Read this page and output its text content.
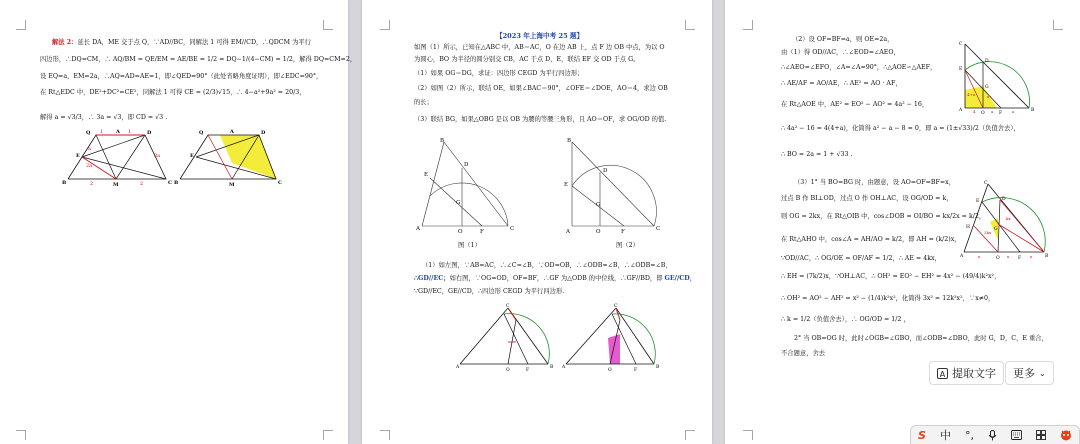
解法 2：延长 DA，ME 交于点 Q，∵AD//BC，同解法 1 可得 EM//CD，∴QDCM 为平行
四边形，∴DQ=CM，∴ AQ/BM = QE/EM = AE/BE = 1/2 = DQ−1/(4−CM) = 1/2，解得 DQ=CM=2，
设 EQ=a，EM=2a，∴AQ=AD=AE=1，即∠QED=90°（此处省略角度证明），即∠EDC=90°，
在 Rt△EDC 中，DE²+DC²=CE²，同解法 1 可得 CE = (2/3)√15，∴ 4−a²+9a² = 20/3，
解得 a = √3/3，∴ 3a = √3，即 CD = √3 .
Q 1	A 1	D
E
2a
a
3a
B	2	M	2	C
Q	A	D
E
B	M	C
【2023 年上海中考 25 题】
如图（1）所示，已知在△ABC 中，AB＝AC，O 在边 AB 上，点 F 边 OB 中点，为以 O
为圆心，BO 为半径的圆分别交 CB，AC 于点 D，E，联结 EF 交 OD 于点 G。
（1）如果 OG＝DG，求证：四边形 CEGD 为平行四边形；
（2）如图（2）所示，联结 OE，如果∠BAC＝90°，∠OFE＝∠DOE，AO＝4，求边 OB
的长；
（3）联结 BG，如果△OBG 是以 OB 为腰的等腰三角形，且 AO＝OF，求 OG/OD 的值.
B
E
D
G
A	O	F	C
图（1）
B
E
D
G
A	O	F	C
图（2）
（1）如左图，∵AB=AC，∴∠C=∠B，∵OD=OB，∴∠ODB=∠B，∴∠ODB=∠B，
∴GD//EC；如右图，∵OG=OD，OF=BF，∴GF 为△ODB 的中位线，∴GF//BD，即 GE//CD，
∵GD//EC，GE//CD，∴四边形 CEGD 为平行四边形.
A
C
B
O	F
A
C
B
O	F
（2）设 OF=BF=a，则 OE=2a，
由（1）得 OD//AC，∴∠EOD=∠AEO，
∴∠AEO=∠EFO，∠A=∠A=90°，∴△AOE∽△AEF，
∴ AE/AF = AO/AE，∴ AE² = AO · AF，
在 Rt△AOE 中，AE² = EO² − AO² = 4a² − 16，
∴ 4a² − 16 = 4(4+a)，化简得 a² − a − 8 = 0，即 a = (1±√33)/2（负值舍去），
∴ BO = 2a = 1 + √33 .
（3）1° 当 BO=BG 时，由题意，设 AO=OF=BF=x，
过点 B 作 BI⊥OD，过点 O 作 OH⊥AC，设 OG/OD = k，
则 OG = 2kx，在 Rt△OIB 中，cos∠DOB = OI/BO = kx/2x = k/2，
在 Rt△AHO 中，cos∠A = AH/AO = k/2，即 AH = (k/2)x，
∵OD//AC，∴ OG/OE = OF/AF = 1/2，∴ AE = 4kx，
∴ EH = (7k/2)x，∵OH⊥AC，∴ OH² = EO² − EH² = 4x² − (49/4)k²x²，
∴ OH² = AO² − AH² = x² − (1/4)k²x²，化简得 3x² = 12k²x²，∵x≠0，
∴ k = 1/2（负值舍去），∴ OG/OD = 1/2 ，
2° 当 OB=OG 时，此时∠OGB=∠GBO，而∠ODB=∠DBO，此时 G，D，C，E 重合，
不合题意，舍去
C
E
D
G
A
O	F
B
4	a	a
a
4+a
C
E	D
G
H
2kx
kx
A	O	F	B
x	x	x
A 提取文字 更多 ⌄
S 中 °,
